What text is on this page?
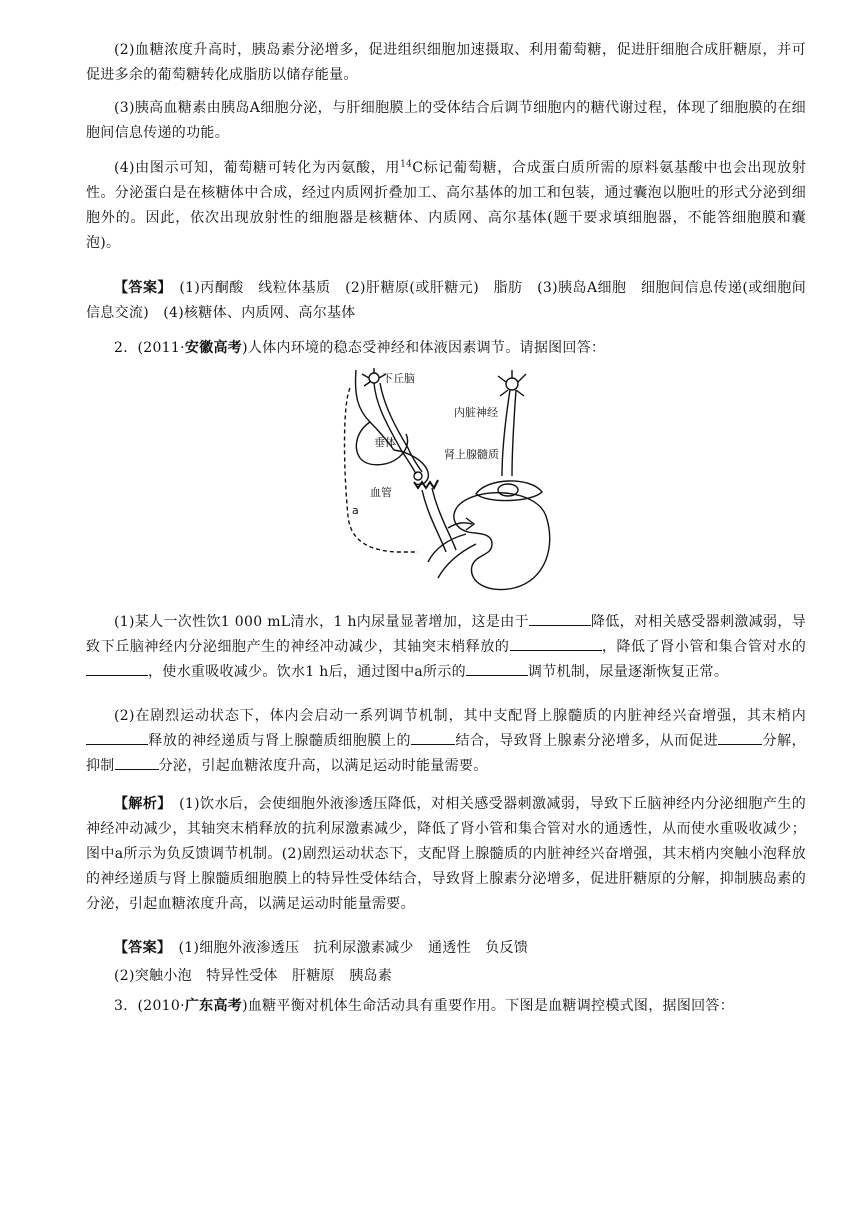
(2)血糖浓度升高时，胰岛素分泌增多，促进组织细胞加速摄取、利用葡萄糖，促进肝细胞合成肝糖原，并可促进多余的葡萄糖转化成脂肪以储存能量。

(3)胰高血糖素由胰岛A细胞分泌，与肝细胞膜上的受体结合后调节细胞内的糖代谢过程，体现了细胞膜的在细胞间信息传递的功能。

(4)由图示可知，葡萄糖可转化为丙氨酸，用$^{14}$C标记葡萄糖，合成蛋白质所需的原料氨基酸中也会出现放射性。分泌蛋白是在核糖体中合成，经过内质网折叠加工、高尔基体的加工和包装，通过囊泡以胞吐的形式分泌到细胞外的。因此，依次出现放射性的细胞器是核糖体、内质网、高尔基体(题干要求填细胞器，不能答细胞膜和囊泡)。

【答案】　(1)丙酮酸　线粒体基质　(2)肝糖原(或肝糖元)　脂肪　(3)胰岛A细胞　细胞间信息传递(或细胞间信息交流)　(4)核糖体、内质网、高尔基体

2．(2011·安徽高考)人体内环境的稳态受神经和体液因素调节。请据图回答：

下丘脑
内脏神经
垂体
肾上腺髓质
血管
a

(1)某人一次性饮1 000 mL清水，1 h内尿量显著增加，这是由于	降低，对相关感受器刺激减弱，导致下丘脑神经内分泌细胞产生的神经冲动减少，其轴突末梢释放的	，降低了肾小管和集合管对水的，使水重吸收减少。饮水1 h后，通过图中a所示的	调节机制，尿量逐渐恢复正常。

(2)在剧烈运动状态下，体内会启动一系列调节机制，其中支配肾上腺髓质的内脏神经兴奋增强，其末梢内释放的神经递质与肾上腺髓质细胞膜上的	结合，导致肾上腺素分泌增多，从而促进	分解，抑制	分泌，引起血糖浓度升高，以满足运动时能量需要。

【解析】　(1)饮水后，会使细胞外液渗透压降低，对相关感受器刺激减弱，导致下丘脑神经内分泌细胞产生的神经冲动减少，其轴突末梢释放的抗利尿激素减少，降低了肾小管和集合管对水的通透性，从而使水重吸收减少；图中a所示为负反馈调节机制。(2)剧烈运动状态下，支配肾上腺髓质的内脏神经兴奋增强，其末梢内突触小泡释放的神经递质与肾上腺髓质细胞膜上的特异性受体结合，导致肾上腺素分泌增多，促进肝糖原的分解，抑制胰岛素的分泌，引起血糖浓度升高，以满足运动时能量需要。

【答案】　(1)细胞外液渗透压　抗利尿激素减少　通透性　负反馈

(2)突触小泡　特异性受体　肝糖原　胰岛素

3．(2010·广东高考)血糖平衡对机体生命活动具有重要作用。下图是血糖调控模式图，据图回答：
